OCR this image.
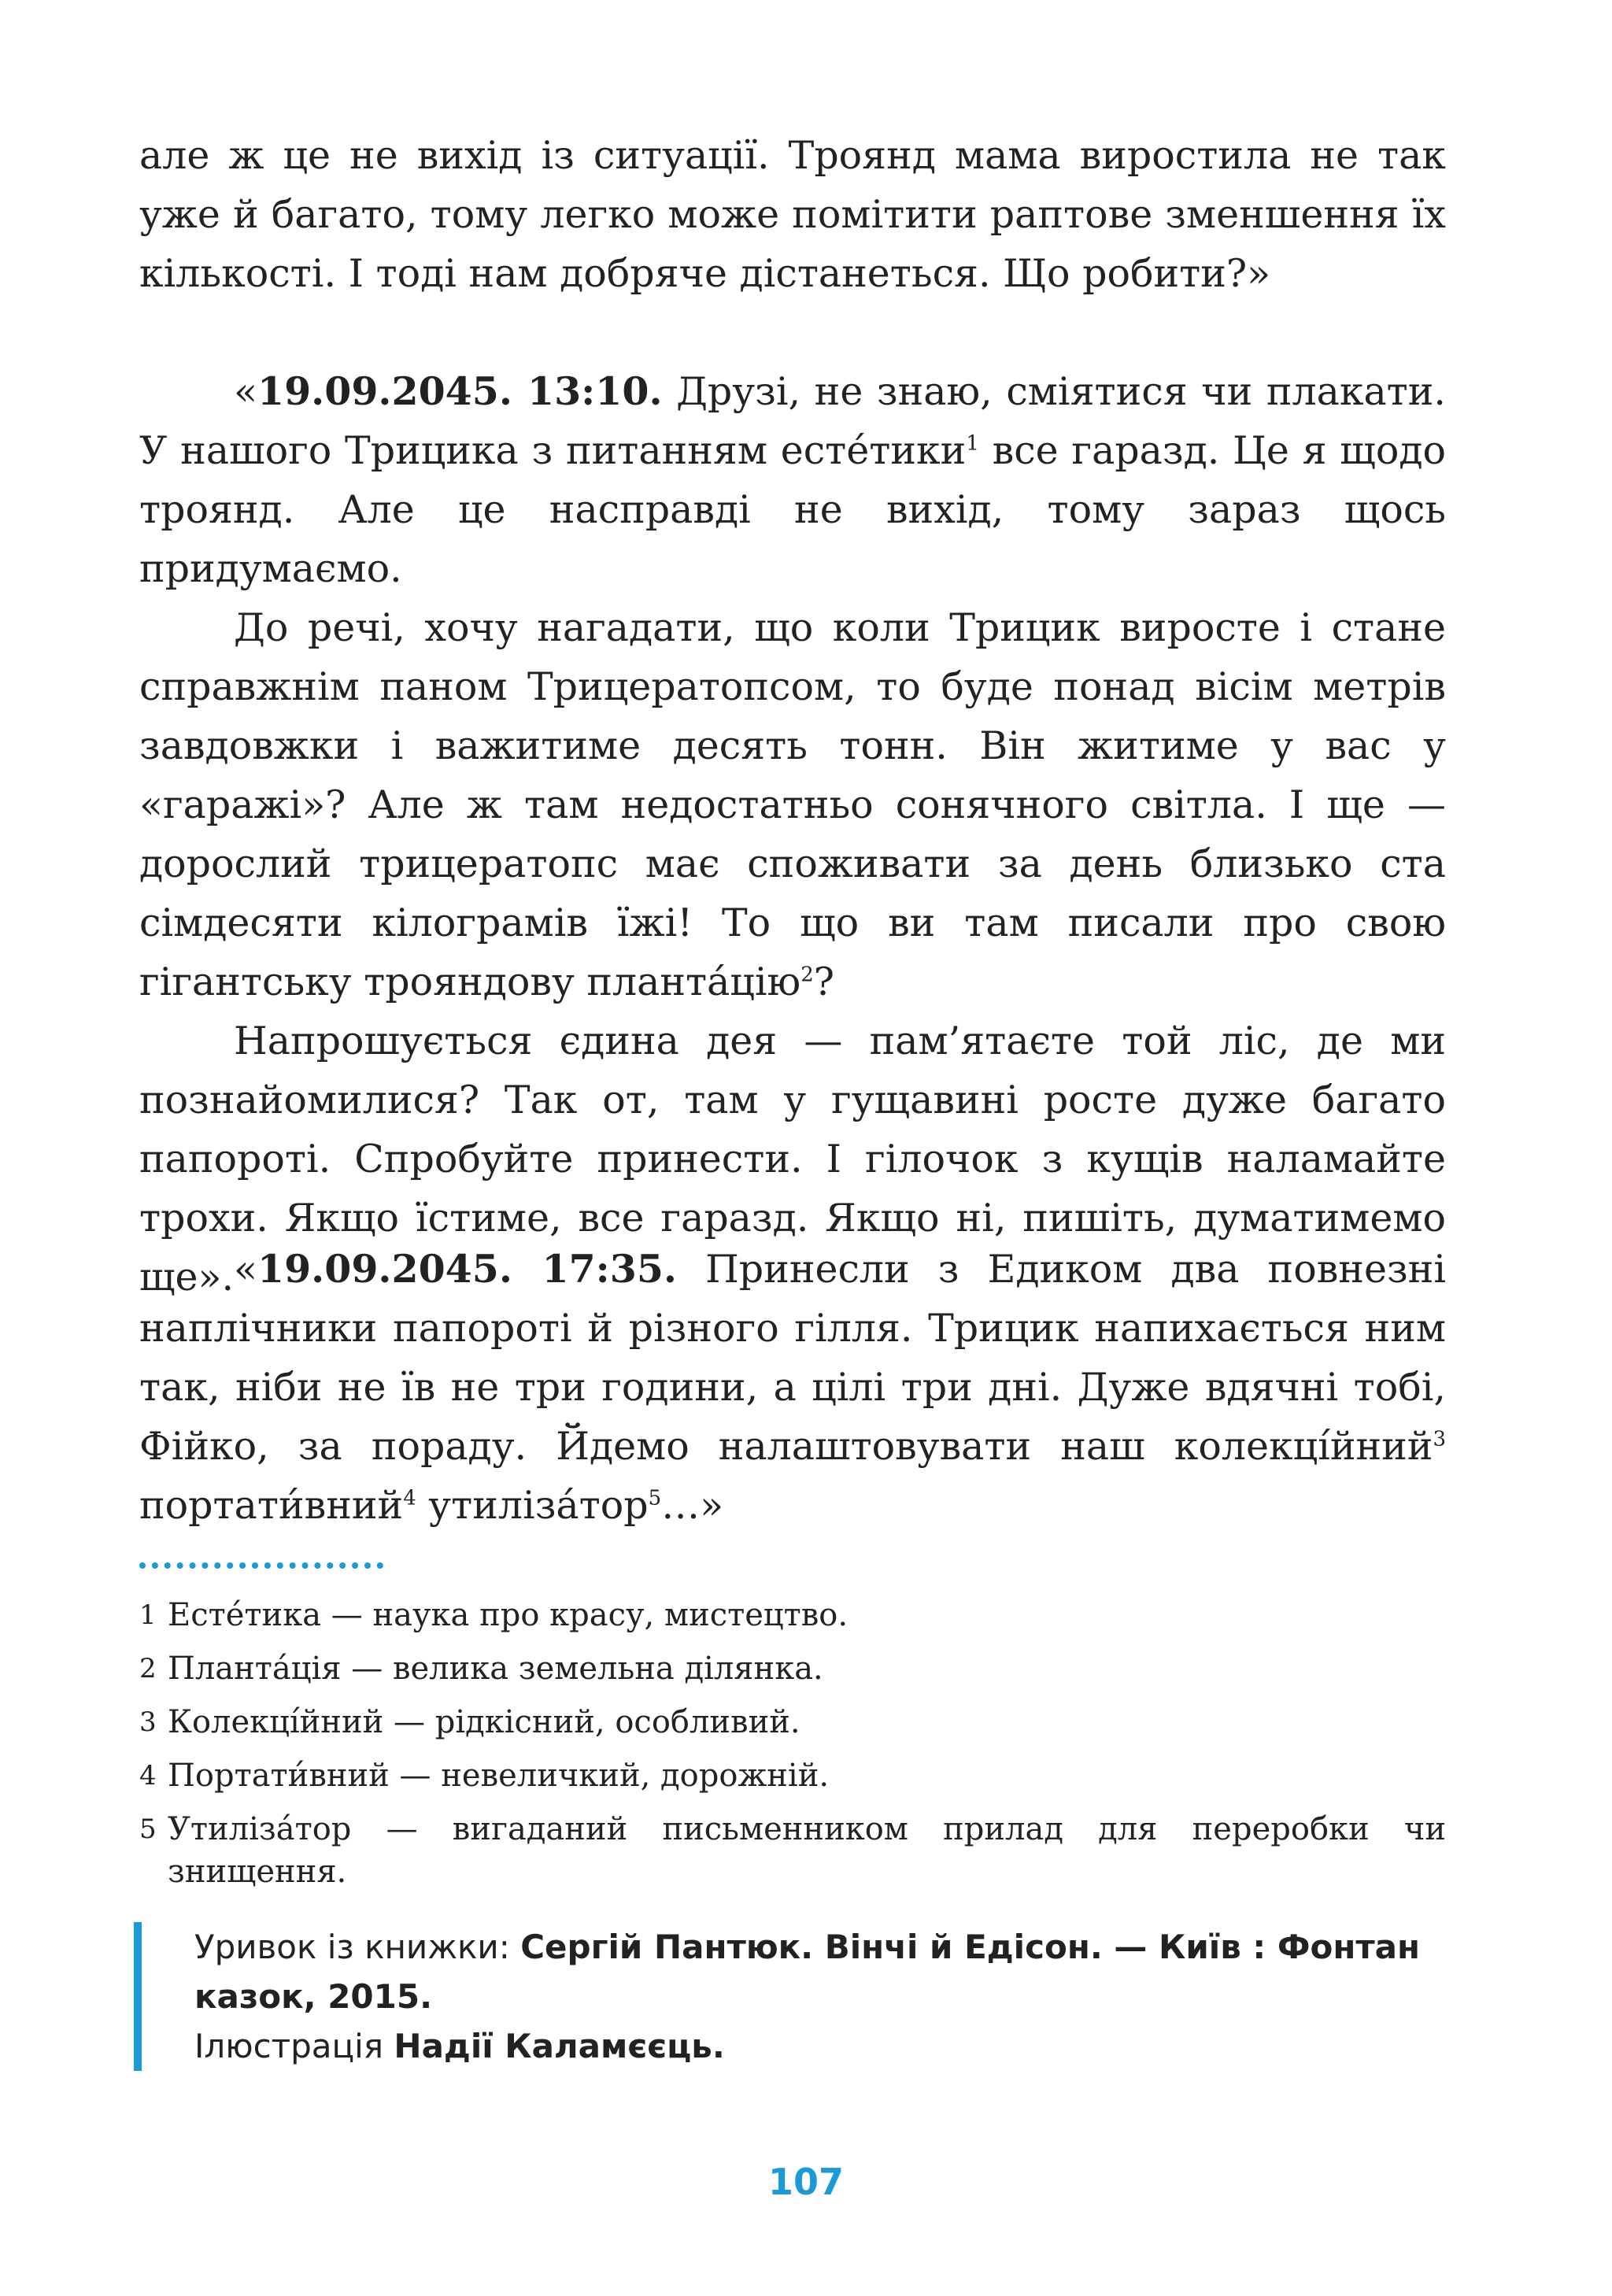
але ж це не вихід із ситуації. Троянд мама виростила не так уже й багато, тому легко може помітити раптове зменшення їх кількості. І тоді нам добряче дістанеться. Що робити?»

«19.09.2045. 13:10. Друзі, не знаю, сміятися чи плакати. У нашого Трицика з питанням есте́тики$^1$ все гаразд. Це я щодо троянд. Але це насправді не вихід, тому зараз щось придумаємо.

До речі, хочу нагадати, що коли Трицик виросте і стане справжнім паном Трицератопсом, то буде понад вісім метрів завдовжки і важитиме десять тонн. Він житиме у вас у «гаражі»? Але ж там недостатньо сонячного світла. І ще — дорослий трицератопс має споживати за день близько ста сімдесяти кілограмів їжі! То що ви там писали про свою гігантську трояндову планта́цію$^2$?

Напрошується єдина дея — пам’ятаєте той ліс, де ми познайомилися? Так от, там у гущавині росте дуже багато папороті. Спробуйте принести. І гілочок з кущів наламайте трохи. Якщо їстиме, все гаразд. Якщо ні, пишіть, думатимемо ще». «19.09.2045. 17:35. Принесли з Едиком два повнезні наплічники папороті й різного гілля. Трицик напихається ним так, ніби не їв не три години, а цілі три дні. Дуже вдячні тобі, Фійко, за пораду. Йдемо налаштовувати наш колекці́йний$^3$ портати́вний$^4$ утиліза́тор$^5$…»

1 Есте́тика — наука про красу, мистецтво.
2 Планта́ція — велика земельна ділянка.
3 Колекці́йний — рідкісний, особливий.
4 Портати́вний — невеличкий, дорожній.
5 Утиліза́тор — вигаданий письменником прилад для переробки чи знищення.
Уривок із книжки: Сергій Пантюк. Вінчі й Едісон. — Київ : Фонтан казок, 2015.
Ілюстрація Надії Каламєєць.
107
